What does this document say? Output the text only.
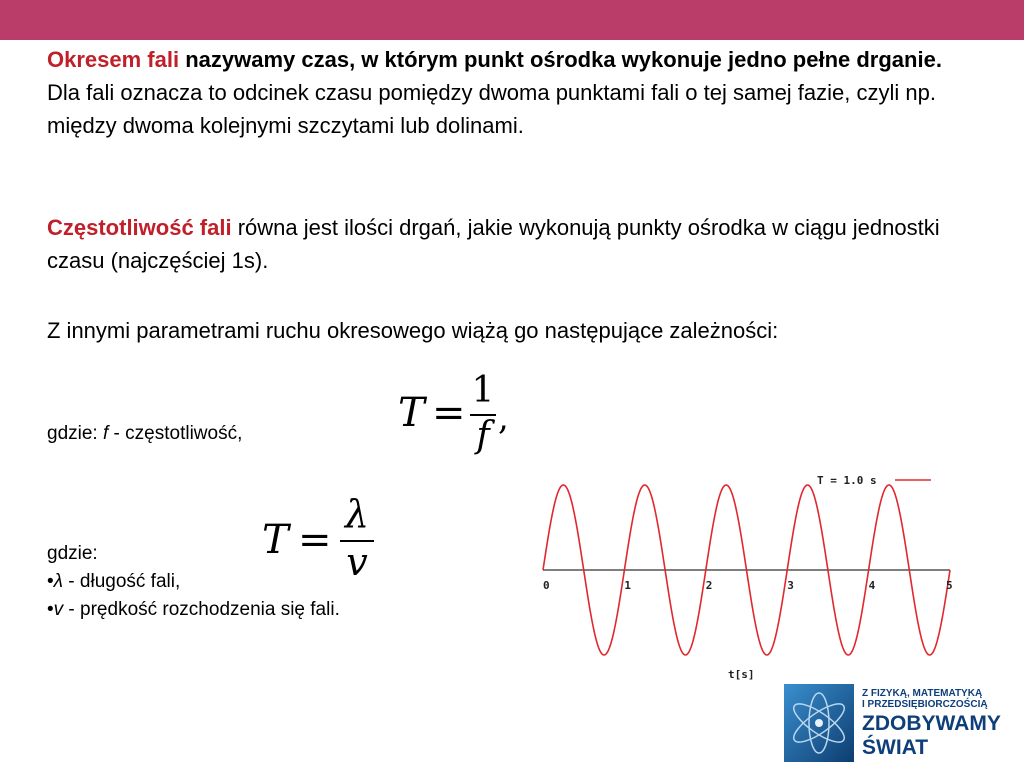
Okresem fali nazywamy czas, w którym punkt ośrodka wykonuje jedno pełne drganie.
Dla fali oznacza to odcinek czasu pomiędzy dwoma punktami fali o tej samej fazie, czyli np. między dwoma kolejnymi szczytami lub dolinami.
Częstotliwość fali równa jest ilości drgań, jakie wykonują punkty ośrodka w ciągu jednostki czasu (najczęściej 1s).
Z innymi parametrami ruchu okresowego wiążą go następujące zależności:
gdzie: f - częstotliwość,
gdzie:
•λ - długość fali,
•v - prędkość rozchodzenia się fali.
T = 1
f ,
T =
λ
v
0	1	2	3	4	5
t[s]
T = 1.0 s
Z FIZYKĄ, MATEMATYKĄ
I PRZEDSIĘBIORCZOŚCIĄ
ZDOBYWAMY
ŚWIAT
